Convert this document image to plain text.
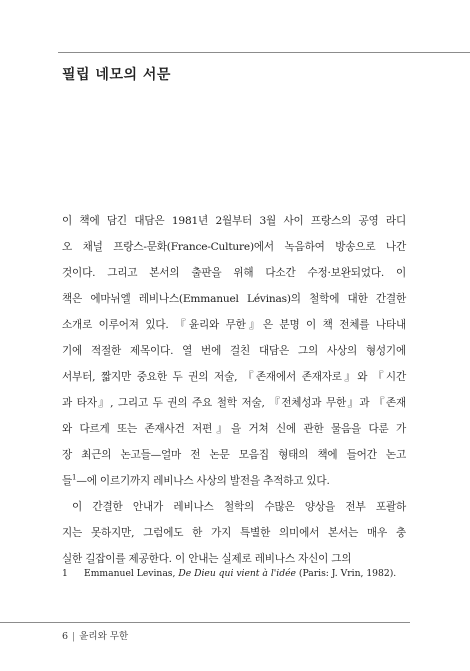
필립 네모의 서문
이 책에 담긴 대담은 1981년 2월부터 3월 사이 프랑스의 공영 라디
오 채널 프랑스-문화(France-Culture)에서 녹음하여 방송으로 나간
것이다. 그리고 본서의 출판을 위해 다소간 수정·보완되었다. 이
책은 에마뉘엘 레비나스(Emmanuel Lévinas)의 철학에 대한 간결한
소개로 이루어져 있다. 『윤리와 무한』은 분명 이 책 전체를 나타내
기에 적절한 제목이다. 열 번에 걸친 대담은 그의 사상의 형성기에
서부터, 짧지만 중요한 두 권의 저술, 『존재에서 존재자로』와 『시간
과 타자』, 그리고 두 권의 주요 철학 저술, 『전체성과 무한』과 『존재
와 다르게 또는 존재사건 저편』을 거쳐 신에 관한 물음을 다룬 가
장 최근의 논고들—얼마 전 논문 모음집 형태의 책에 들어간 논고
들$^1$—에 이르기까지 레비나스 사상의 발전을 추적하고 있다.
이 간결한 안내가 레비나스 철학의 수많은 양상을 전부 포괄하
지는 못하지만, 그럼에도 한 가지 특별한 의미에서 본서는 매우 충
실한 길잡이를 제공한다. 이 안내는 실제로 레비나스 자신이 그의
1 Emmanuel Levinas, De Dieu qui vient à l'idée (Paris: J. Vrin, 1982).
6 | 윤리와 무한
